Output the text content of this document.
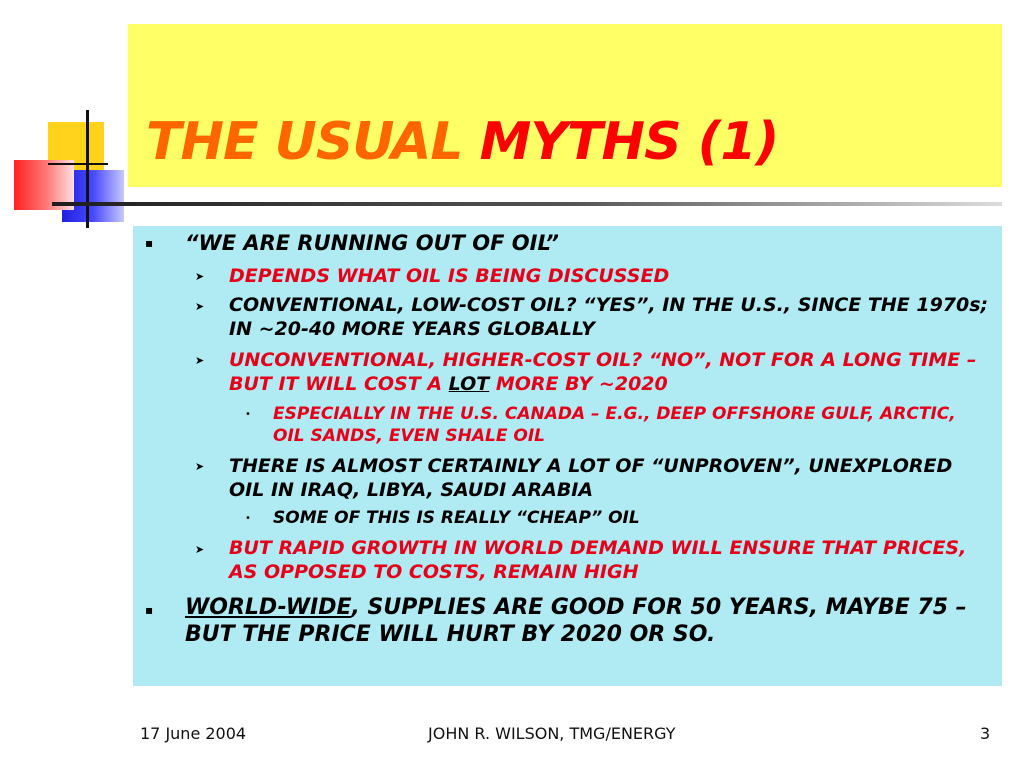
THE USUAL MYTHS (1)
▪ “WE ARE RUNNING OUT OF OIL”
➤ DEPENDS WHAT OIL IS BEING DISCUSSED
➤ CONVENTIONAL, LOW-COST OIL? “YES”, IN THE U.S., SINCE THE 1970s; IN ~20-40 MORE YEARS GLOBALLY
➤ UNCONVENTIONAL, HIGHER-COST OIL? “NO”, NOT FOR A LONG TIME – BUT IT WILL COST A LOT MORE BY ~2020
• ESPECIALLY IN THE U.S. CANADA – E.G., DEEP OFFSHORE GULF, ARCTIC, OIL SANDS, EVEN SHALE OIL
➤ THERE IS ALMOST CERTAINLY A LOT OF “UNPROVEN”, UNEXPLORED OIL IN IRAQ, LIBYA, SAUDI ARABIA
• SOME OF THIS IS REALLY “CHEAP” OIL
➤ BUT RAPID GROWTH IN WORLD DEMAND WILL ENSURE THAT PRICES, AS OPPOSED TO COSTS, REMAIN HIGH
▪ WORLD-WIDE, SUPPLIES ARE GOOD FOR 50 YEARS, MAYBE 75 – BUT THE PRICE WILL HURT BY 2020 OR SO.
17 June 2004	JOHN R. WILSON, TMG/ENERGY	3
